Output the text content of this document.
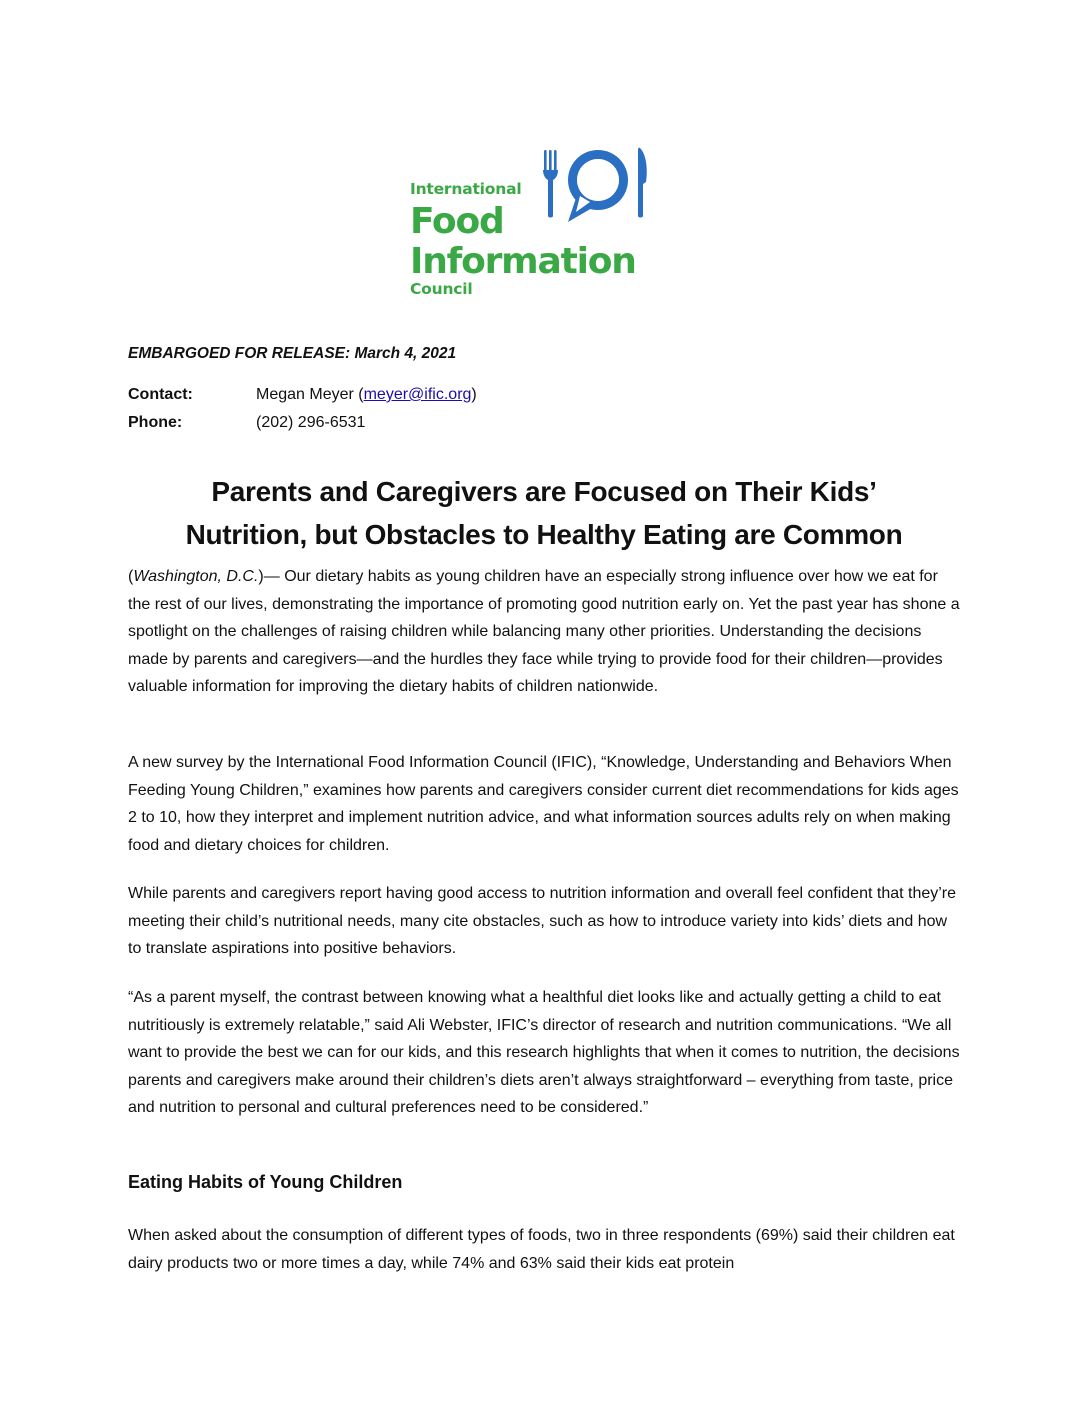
International
Food
Information
Council
EMBARGOED FOR RELEASE: March 4, 2021
Contact:	Megan Meyer (meyer@ific.org)
Phone:	(202) 296-6531
Parents and Caregivers are Focused on Their Kids’
Nutrition, but Obstacles to Healthy Eating are Common

(Washington, D.C.)— Our dietary habits as young children have an especially strong influence over how we eat for the rest of our lives, demonstrating the importance of promoting good nutrition early on. Yet the past year has shone a spotlight on the challenges of raising children while balancing many other priorities. Understanding the decisions made by parents and caregivers—and the hurdles they face while trying to provide food for their children—provides valuable information for improving the dietary habits of children nationwide.

A new survey by the International Food Information Council (IFIC), “Knowledge, Understanding and Behaviors When Feeding Young Children,” examines how parents and caregivers consider current diet recommendations for kids ages 2 to 10, how they interpret and implement nutrition advice, and what information sources adults rely on when making food and dietary choices for children.

While parents and caregivers report having good access to nutrition information and overall feel confident that they’re meeting their child’s nutritional needs, many cite obstacles, such as how to introduce variety into kids’ diets and how to translate aspirations into positive behaviors.

“As a parent myself, the contrast between knowing what a healthful diet looks like and actually getting a child to eat nutritiously is extremely relatable,” said Ali Webster, IFIC’s director of research and nutrition communications. “We all want to provide the best we can for our kids, and this research highlights that when it comes to nutrition, the decisions parents and caregivers make around their children’s diets aren’t always straightforward – everything from taste, price and nutrition to personal and cultural preferences need to be considered.”

Eating Habits of Young Children

When asked about the consumption of different types of foods, two in three respondents (69%) said their children eat dairy products two or more times a day, while 74% and 63% said their kids eat protein
